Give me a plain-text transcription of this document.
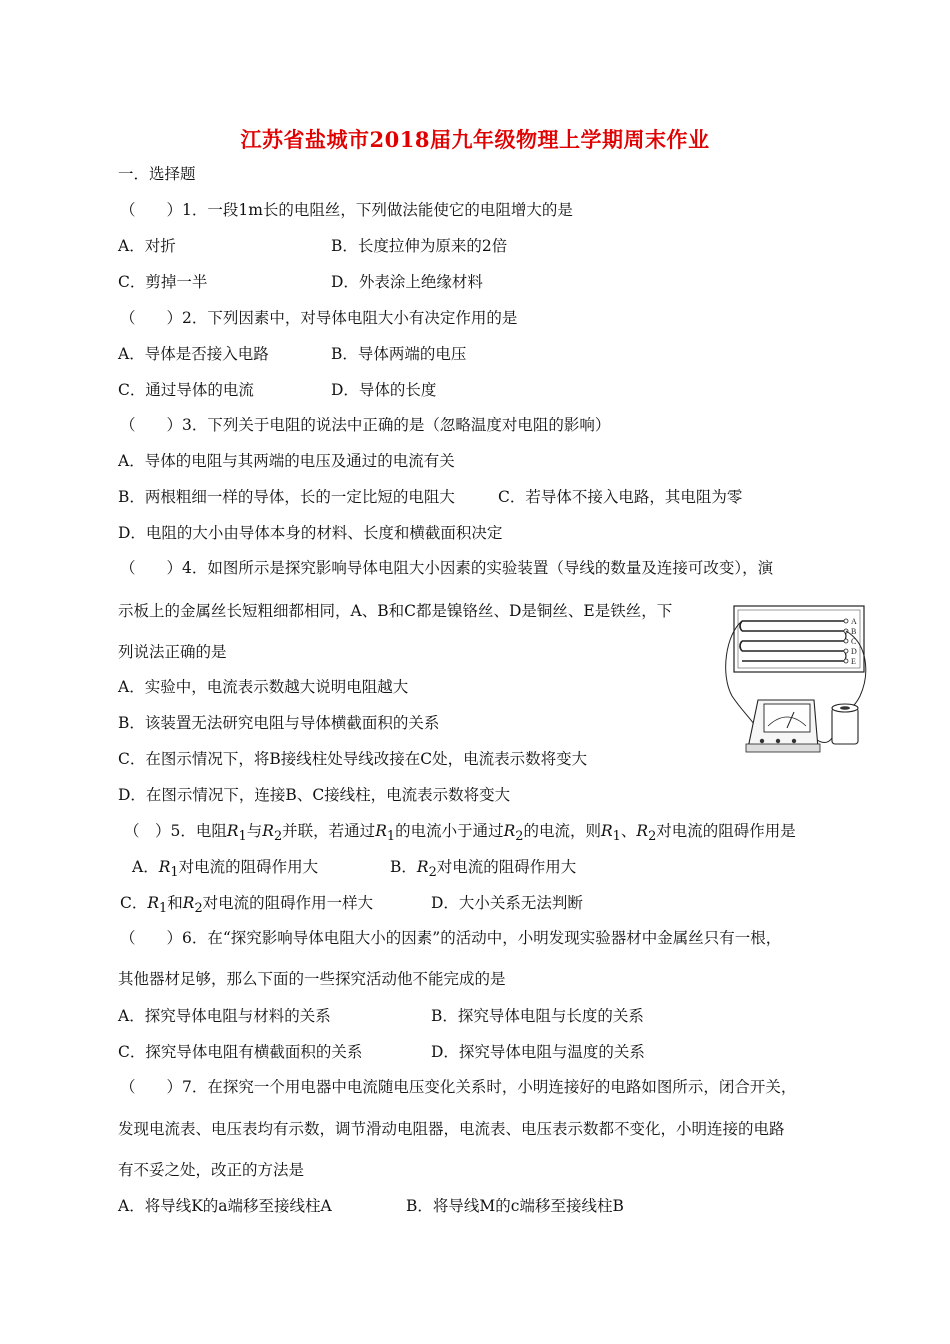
江苏省盐城市2018届九年级物理上学期周末作业
一．选择题
（　　）1．一段1m长的电阻丝，下列做法能使它的电阻增大的是
A．对折	B．长度拉伸为原来的2倍
C．剪掉一半	D．外表涂上绝缘材料
（　　）2．下列因素中，对导体电阻大小有决定作用的是
A．导体是否接入电路	B．导体两端的电压
C．通过导体的电流	D．导体的长度
（　　）3．下列关于电阻的说法中正确的是（忽略温度对电阻的影响）
A．导体的电阻与其两端的电压及通过的电流有关
B．两根粗细一样的导体，长的一定比短的电阻大	C．若导体不接入电路，其电阻为零
D．电阻的大小由导体本身的材料、长度和横截面积决定
（　　）4．如图所示是探究影响导体电阻大小因素的实验装置（导线的数量及连接可改变），演
示板上的金属丝长短粗细都相同，A、B和C都是镍铬丝、D是铜丝、E是铁丝，下
列说法正确的是
A．实验中，电流表示数越大说明电阻越大
B．该装置无法研究电阻与导体横截面积的关系
C．在图示情况下，将B接线柱处导线改接在C处，电流表示数将变大
D．在图示情况下，连接B、C接线柱，电流表示数将变大
A
B
C
D
E
（　）5．电阻$R_1$与$R_2$并联，若通过$R_1$的电流小于通过$R_2$的电流，则$R_1$、$R_2$对电流的阻碍作用是
A．$R_1$对电流的阻碍作用大	B．$R_2$对电流的阻碍作用大
C．$R_1$和$R_2$对电流的阻碍作用一样大	D．大小关系无法判断
（　　）6．在“探究影响导体电阻大小的因素”的活动中，小明发现实验器材中金属丝只有一根，
其他器材足够，那么下面的一些探究活动他不能完成的是
A．探究导体电阻与材料的关系	B．探究导体电阻与长度的关系
C．探究导体电阻有横截面积的关系	D．探究导体电阻与温度的关系
（　　）7．在探究一个用电器中电流随电压变化关系时，小明连接好的电路如图所示，闭合开关，
发现电流表、电压表均有示数，调节滑动电阻器，电流表、电压表示数都不变化，小明连接的电路
有不妥之处，改正的方法是
A．将导线K的a端移至接线柱A	B．将导线M的c端移至接线柱B
